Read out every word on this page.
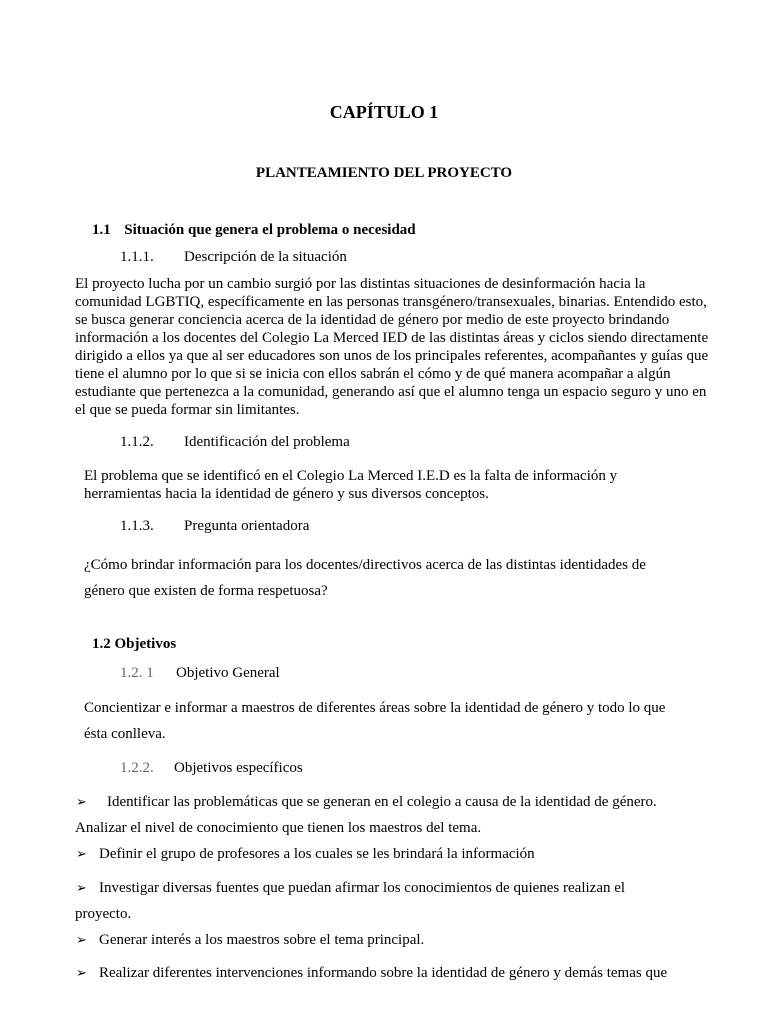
CAPÍTULO 1
PLANTEAMIENTO DEL PROYECTO
1.1 Situación que genera el problema o necesidad
1.1.1. Descripción de la situación
El proyecto lucha por un cambio surgió por las distintas situaciones de desinformación hacia la
comunidad LGBTIQ, específicamente en las personas transgénero/transexuales, binarias. Entendido esto,
se busca generar conciencia acerca de la identidad de género por medio de este proyecto brindando
información a los docentes del Colegio La Merced IED de las distintas áreas y ciclos siendo directamente
dirigido a ellos ya que al ser educadores son unos de los principales referentes, acompañantes y guías que
tiene el alumno por lo que si se inicia con ellos sabrán el cómo y de qué manera acompañar a algún
estudiante que pertenezca a la comunidad, generando así que el alumno tenga un espacio seguro y uno en
el que se pueda formar sin limitantes.
1.1.2. Identificación del problema
El problema que se identificó en el Colegio La Merced I.E.D es la falta de información y
herramientas hacia la identidad de género y sus diversos conceptos.
1.1.3. Pregunta orientadora
¿Cómo brindar información para los docentes/directivos acerca de las distintas identidades de
género que existen de forma respetuosa?
1.2 Objetivos
1.2. 1 Objetivo General
Concientizar e informar a maestros de diferentes áreas sobre la identidad de género y todo lo que
ésta conlleva.
1.2.2. Objetivos específicos
➢ Identificar las problemáticas que se generan en el colegio a causa de la identidad de género.
Analizar el nivel de conocimiento que tienen los maestros del tema.
➢ Definir el grupo de profesores a los cuales se les brindará la información
➢ Investigar diversas fuentes que puedan afirmar los conocimientos de quienes realizan el
proyecto.
➢ Generar interés a los maestros sobre el tema principal.
➢ Realizar diferentes intervenciones informando sobre la identidad de género y demás temas que
